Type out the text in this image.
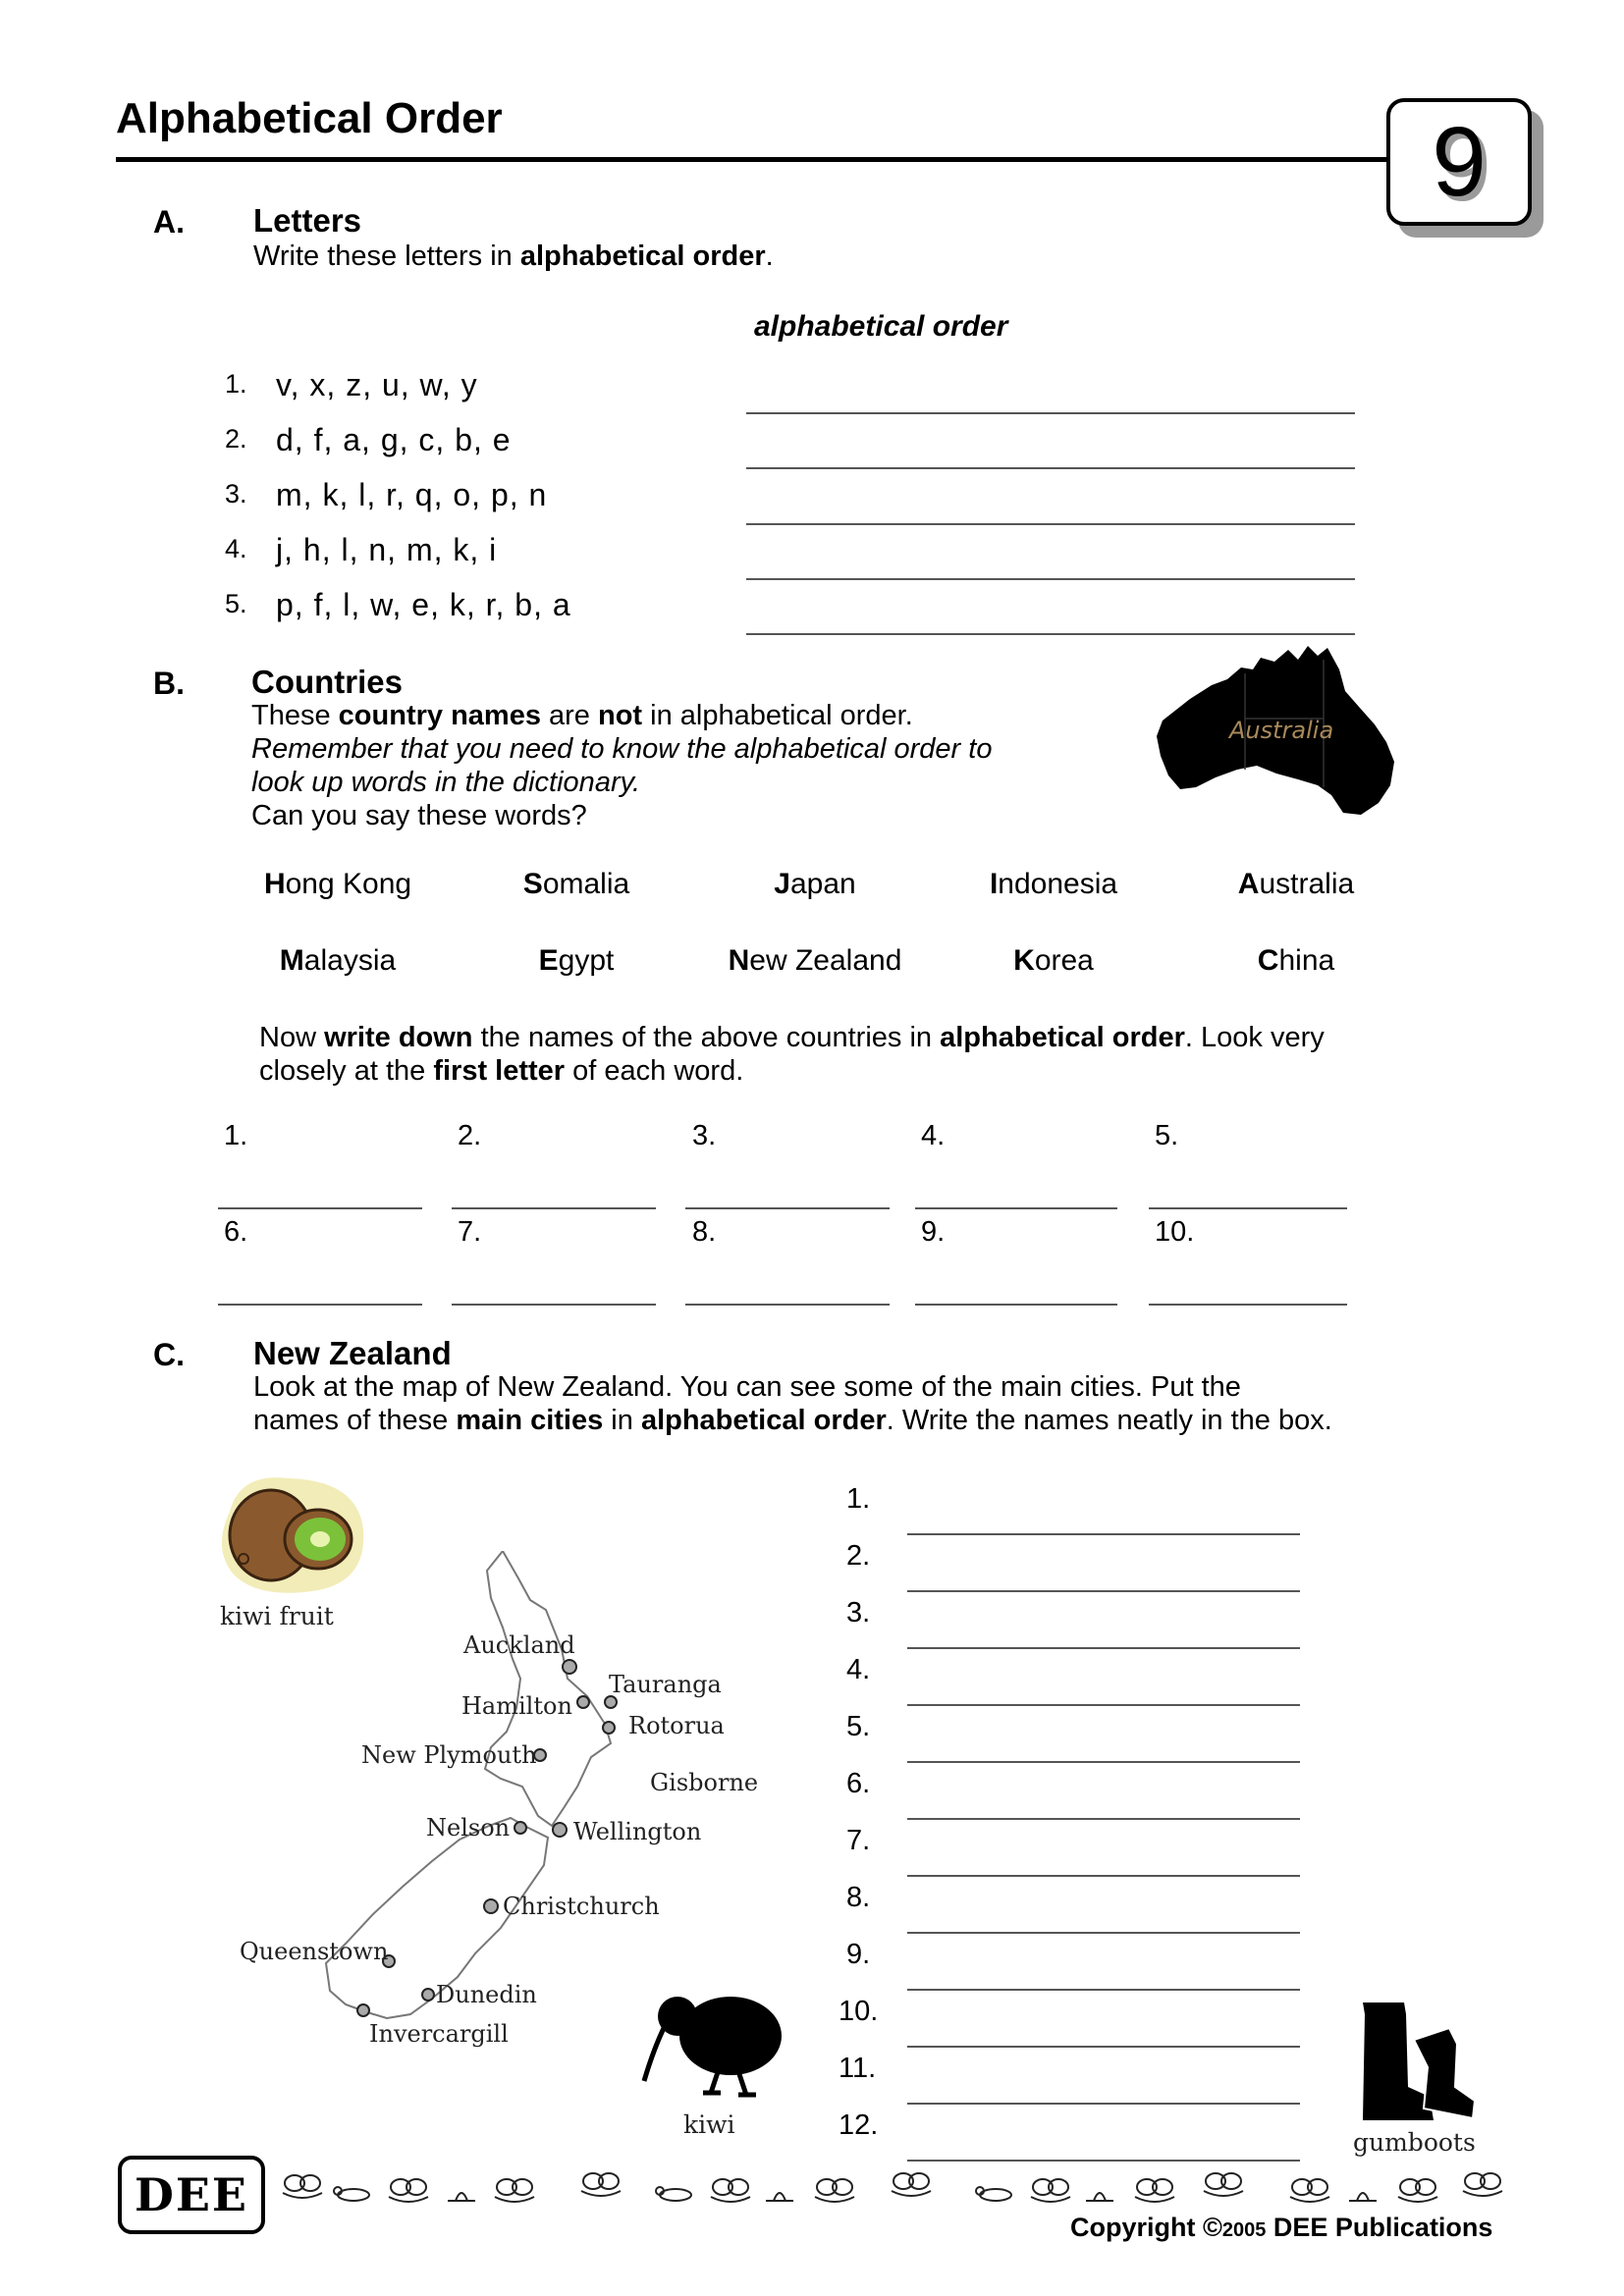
Alphabetical Order	9
A. Letters
Write these letters in alphabetical order.
alphabetical order
1. v, x, z, u, w, y
2. d, f, a, g, c, b, e
3. m, k, l, r, q, o, p, n
4. j, h, l, n, m, k, i
5. p, f, l, w, e, k, r, b, a
B. Countries
These country names are not in alphabetical order.
Remember that you need to know the alphabetical order to
look up words in the dictionary.
Can you say these words?
Australia
Hong Kong	Somalia	Japan	Indonesia	Australia
Malaysia	Egypt	New Zealand	Korea	China
Now write down the names of the above countries in alphabetical order. Look very
closely at the first letter of each word.
1.	2.	3.	4.	5.
6.	7.	8.	9.	10.
C. New Zealand
Look at the map of New Zealand. You can see some of the main cities. Put the
names of these main cities in alphabetical order. Write the names neatly in the box.
kiwi fruit
Auckland
Tauranga
Hamilton
Rotorua
New Plymouth
Gisborne
Nelson	Wellington
Christchurch
Queenstown
Dunedin
Invercargill
kiwi
1.
2.
3.
4.
5.
6.
7.
8.
9.
10.
11.
12.
gumboots
DEE
Copyright ©2005 DEE Publications
